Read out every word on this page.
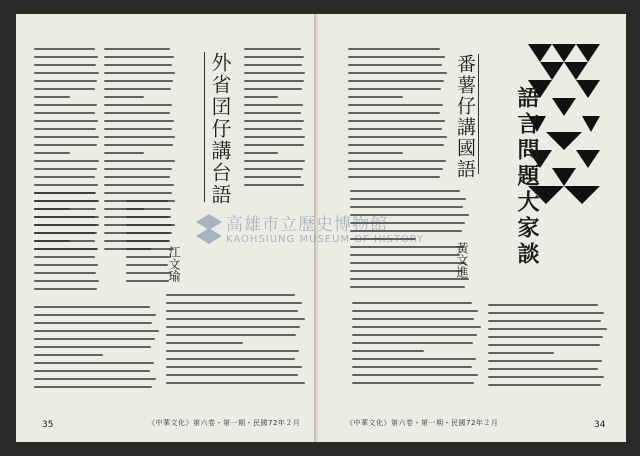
外省囝仔講台語
江文瑜
《中華文化》第六卷・第一期・民國72年２月
35
番薯仔講國語
黃文進 語言問題大家談
《中華文化》第六卷・第一期・民國72年２月	34
高雄市立歷史博物館
KAOHSIUNG MUSEUM OF HISTORY
